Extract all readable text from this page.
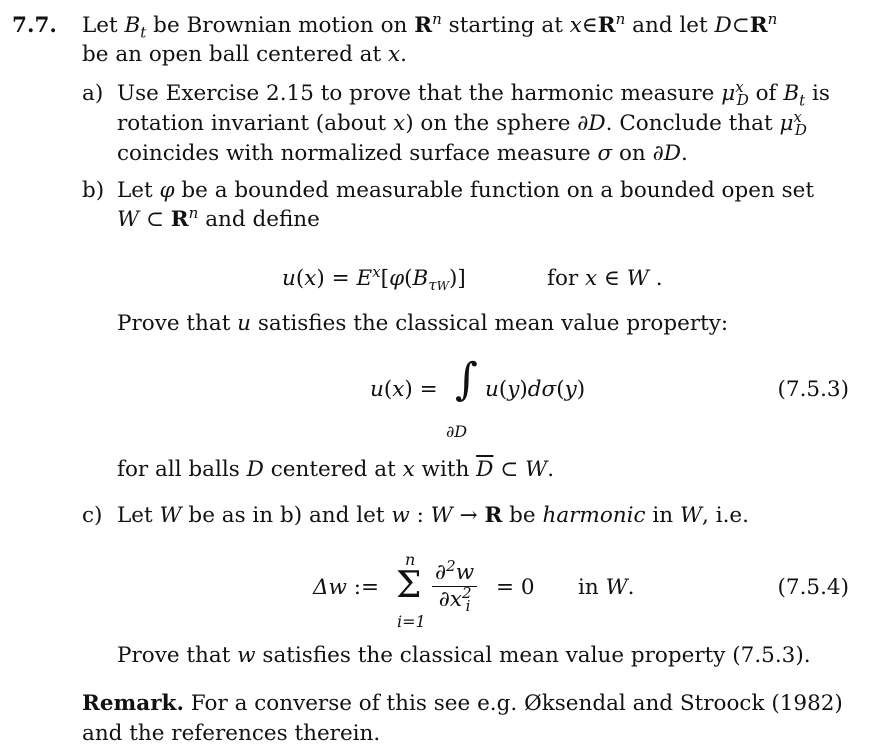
7.7. Let $B_t$ be Brownian motion on $R^n$ starting at $x\in R^n$ and let $D\subset R^n$
be an open ball centered at x.
a) Use Exercise 2.15 to prove that the harmonic measure $\mu^x_D$ of $B_t$ is
rotation invariant (about x) on the sphere ∂D. Conclude that $\mu^x_D$
coincides with normalized surface measure σ on ∂D.
b) Let φ be a bounded measurable function on a bounded open set
W ⊂ $R^n$ and define
$u(x) = E^x[\varphi(B_{\tau W})]$	for x ∈ W .
Prove that u satisfies the classical mean value property:
u(x) = ∫ u(y)dσ(y)
∂D
(7.5.3)
for all balls D centered at x with $\overline{D}$ ⊂ W.
c) Let W be as in b) and let w : W → R be harmonic in W, i.e.
Δw :=
n
Σ
i=1
$\frac{\partial^2w}{\partial x^2_i} = 0$ in W.	(7.5.4)
Prove that w satisfies the classical mean value property (7.5.3).
Remark. For a converse of this see e.g. Øksendal and Stroock (1982)
and the references therein.
